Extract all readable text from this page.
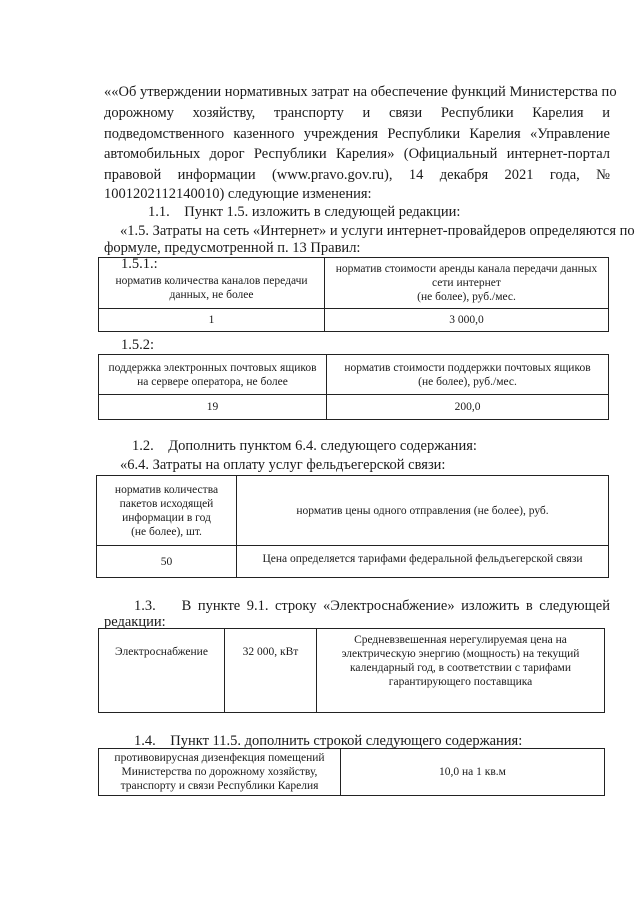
««Об утверждении нормативных затрат на обеспечение функций Министерства по
дорожному хозяйству, транспорту и связи Республики Карелия и
подведомственного казенного учреждения Республики Карелия «Управление
автомобильных дорог Республики Карелия» (Официальный интернет-портал
правовой информации (www.pravo.gov.ru), 14 декабря 2021 года, №
1001202112140010) следующие изменения:
1.1.    Пункт 1.5. изложить в следующей редакции:
«1.5. Затраты на сеть «Интернет» и услуги интернет-провайдеров определяются по
формуле, предусмотренной п. 13 Правил:
1.5.1.:
норматив количества каналов передачи данных, не более	норматив стоимости аренды канала передачи данных сети интернет
(не более), руб./мес.
1	3 000,0
1.5.2:
поддержка электронных почтовых ящиков на сервере оператора, не более	норматив стоимости поддержки почтовых ящиков
(не более), руб./мес.
19	200,0
1.2.    Дополнить пунктом 6.4. следующего содержания:
«6.4. Затраты на оплату услуг фельдъегерской связи:
норматив количества пакетов исходящей информации в год
(не более), шт.	норматив цены одного отправления (не более), руб.
50	Цена определяется тарифами федеральной фельдъегерской связи
1.3.    В пункте 9.1. строку «Электроснабжение» изложить в следующей
редакции:
Электроснабжение	32 000, кВт	Средневзвешенная нерегулируемая цена на электрическую энергию (мощность) на текущий календарный год, в соответствии с тарифами гарантирующего поставщика
1.4.    Пункт 11.5. дополнить строкой следующего содержания:
противовирусная дизенфекция помещений Министерства по дорожному хозяйству, транспорту и связи Республики Карелия	10,0 на 1 кв.м
